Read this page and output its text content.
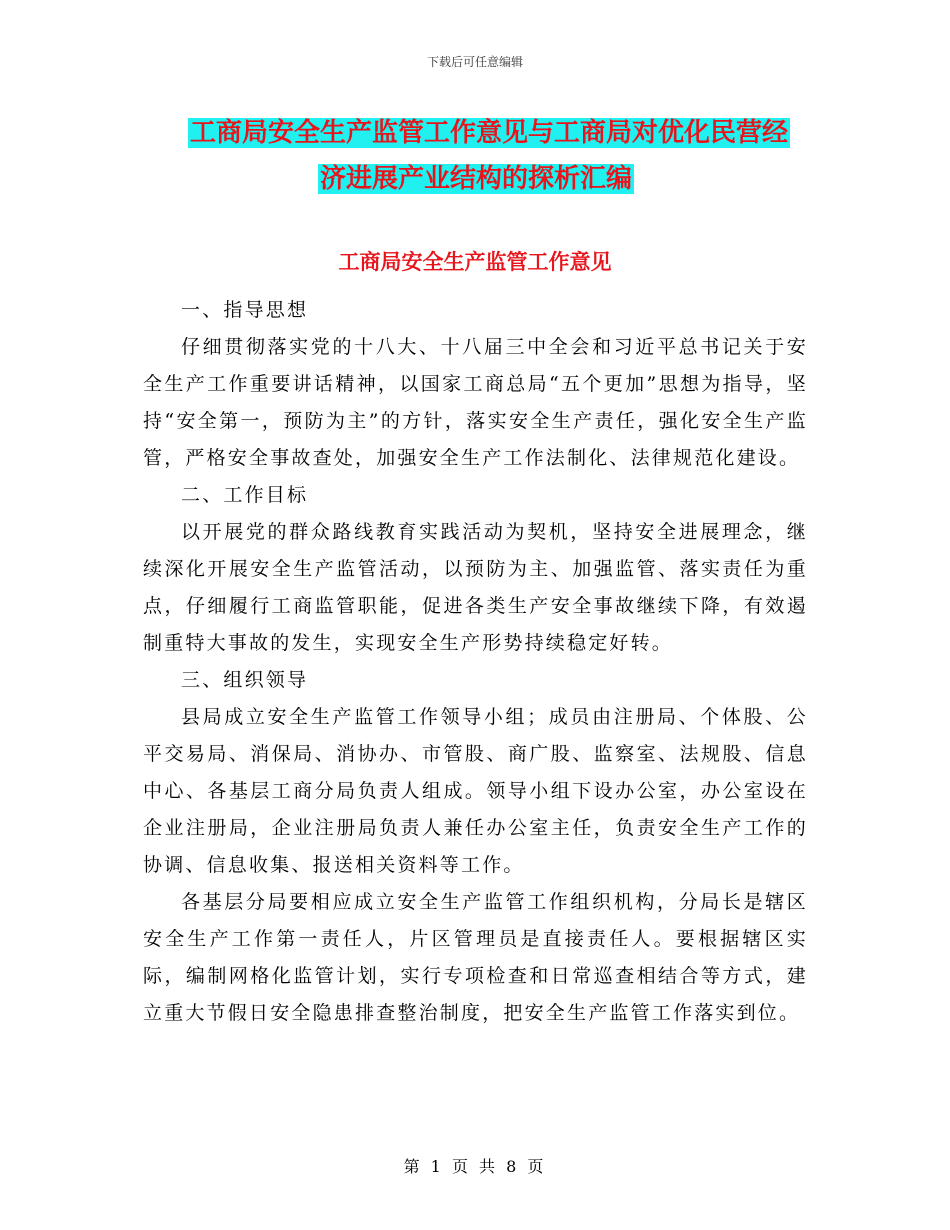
下载后可任意编辑
工商局安全生产监管工作意见与工商局对优化民营经
济进展产业结构的探析汇编
工商局安全生产监管工作意见

一、指导思想

仔细贯彻落实党的十八大、十八届三中全会和习近平总书记关于安全生产工作重要讲话精神，以国家工商总局“五个更加”思想为指导，坚持“安全第一，预防为主”的方针，落实安全生产责任，强化安全生产监管，严格安全事故查处，加强安全生产工作法制化、法律规范化建设。

二、工作目标

以开展党的群众路线教育实践活动为契机，坚持安全进展理念，继续深化开展安全生产监管活动，以预防为主、加强监管、落实责任为重点，仔细履行工商监管职能，促进各类生产安全事故继续下降，有效遏制重特大事故的发生，实现安全生产形势持续稳定好转。

三、组织领导

县局成立安全生产监管工作领导小组；成员由注册局、个体股、公平交易局、消保局、消协办、市管股、商广股、监察室、法规股、信息中心、各基层工商分局负责人组成。领导小组下设办公室，办公室设在企业注册局，企业注册局负责人兼任办公室主任，负责安全生产工作的协调、信息收集、报送相关资料等工作。

各基层分局要相应成立安全生产监管工作组织机构，分局长是辖区安全生产工作第一责任人，片区管理员是直接责任人。要根据辖区实际，编制网格化监管计划，实行专项检查和日常巡查相结合等方式，建立重大节假日安全隐患排查整治制度，把安全生产监管工作落实到位。

第 1 页 共 8 页
